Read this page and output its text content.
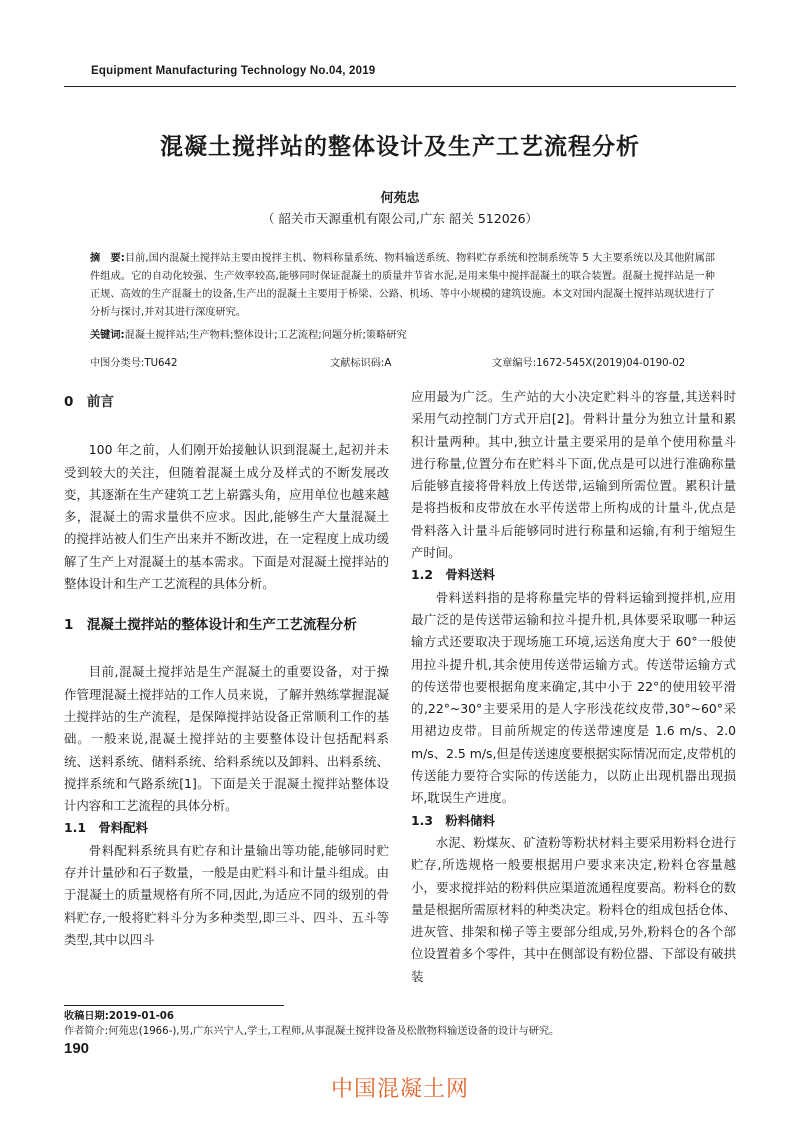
Equipment Manufacturing Technology No.04, 2019
混凝土搅拌站的整体设计及生产工艺流程分析
何苑忠
（ 韶关市天源重机有限公司,广东 韶关 512026）
摘　要:目前,国内混凝土搅拌站主要由搅拌主机、物料称量系统、物料输送系统、物料贮存系统和控制系统等 5 大主要系统以及其他附属部件组成。它的自动化较强、生产效率较高,能够同时保证混凝土的质量并节省水泥,是用来集中搅拌混凝土的联合装置。混凝土搅拌站是一种正规、高效的生产混凝土的设备,生产出的混凝土主要用于桥梁、公路、机场、等中小规模的建筑设施。本文对国内混凝土搅拌站现状进行了分析与探讨,并对其进行深度研究。
关键词:混凝土搅拌站;生产物料;整体设计;工艺流程;问题分析;策略研究
中图分类号:TU642	文献标识码:A	文章编号:1672-545X(2019)04-0190-02
0　前言

100 年之前，人们刚开始接触认识到混凝土,起初并未受到较大的关注，但随着混凝土成分及样式的不断发展改变，其逐渐在生产建筑工艺上崭露头角，应用单位也越来越多，混凝土的需求量供不应求。因此,能够生产大量混凝土的搅拌站被人们生产出来并不断改进，在一定程度上成功缓解了生产上对混凝土的基本需求。下面是对混凝土搅拌站的整体设计和生产工艺流程的具体分析。

1　混凝土搅拌站的整体设计和生产工艺流程分析

目前,混凝土搅拌站是生产混凝土的重要设备，对于操作管理混凝土搅拌站的工作人员来说，了解并熟练掌握混凝土搅拌站的生产流程，是保障搅拌站设备正常顺利工作的基础。一般来说,混凝土搅拌站的主要整体设计包括配料系统、送料系统、储料系统、给料系统以及卸料、出料系统、搅拌系统和气路系统[1]。下面是关于混凝土搅拌站整体设计内容和工艺流程的具体分析。

1.1　骨料配料

骨料配料系统具有贮存和计量输出等功能,能够同时贮存并计量砂和石子数量，一般是由贮料斗和计量斗组成。由于混凝土的质量规格有所不同,因此,为适应不同的级别的骨料贮存,一般将贮料斗分为多种类型,即三斗、四斗、五斗等类型,其中以四斗

应用最为广泛。生产站的大小决定贮料斗的容量,其送料时采用气动控制门方式开启[2]。骨料计量分为独立计量和累积计量两种。其中,独立计量主要采用的是单个使用称量斗进行称量,位置分布在贮料斗下面,优点是可以进行准确称量后能够直接将骨料放上传送带,运输到所需位置。累积计量是将挡板和皮带放在水平传送带上所构成的计量斗,优点是骨料落入计量斗后能够同时进行称量和运输,有利于缩短生产时间。

1.2　骨料送料

骨料送料指的是将称量完毕的骨料运输到搅拌机,应用最广泛的是传送带运输和拉斗提升机,具体要采取哪一种运输方式还要取决于现场施工环境,运送角度大于 60°一般使用拉斗提升机,其余使用传送带运输方式。传送带运输方式的传送带也要根据角度来确定,其中小于 22°的使用较平滑的,22°~30°主要采用的是人字形浅花纹皮带,30°~60°采用裙边皮带。目前所规定的传送带速度是 1.6 m/s、2.0 m/s、2.5 m/s,但是传送速度要根据实际情况而定,皮带机的传送能力要符合实际的传送能力，以防止出现机器出现损坏,耽误生产进度。

1.3　粉料储料

水泥、粉煤灰、矿渣粉等粉状材料主要采用粉料仓进行贮存,所选规格一般要根据用户要求来决定,粉料仓容量越小，要求搅拌站的粉料供应渠道流通程度要高。粉料仓的数量是根据所需原材料的种类决定。粉料仓的组成包括仓体、进灰管、排架和梯子等主要部分组成,另外,粉料仓的各个部位设置着多个零件，其中在侧部设有粉位器、下部设有破拱装

收稿日期:2019-01-06
作者简介:何苑忠(1966-),男,广东兴宁人,学士,工程师,从事混凝土搅拌设备及松散物料输送设备的设计与研究。
190
中国混凝土网
